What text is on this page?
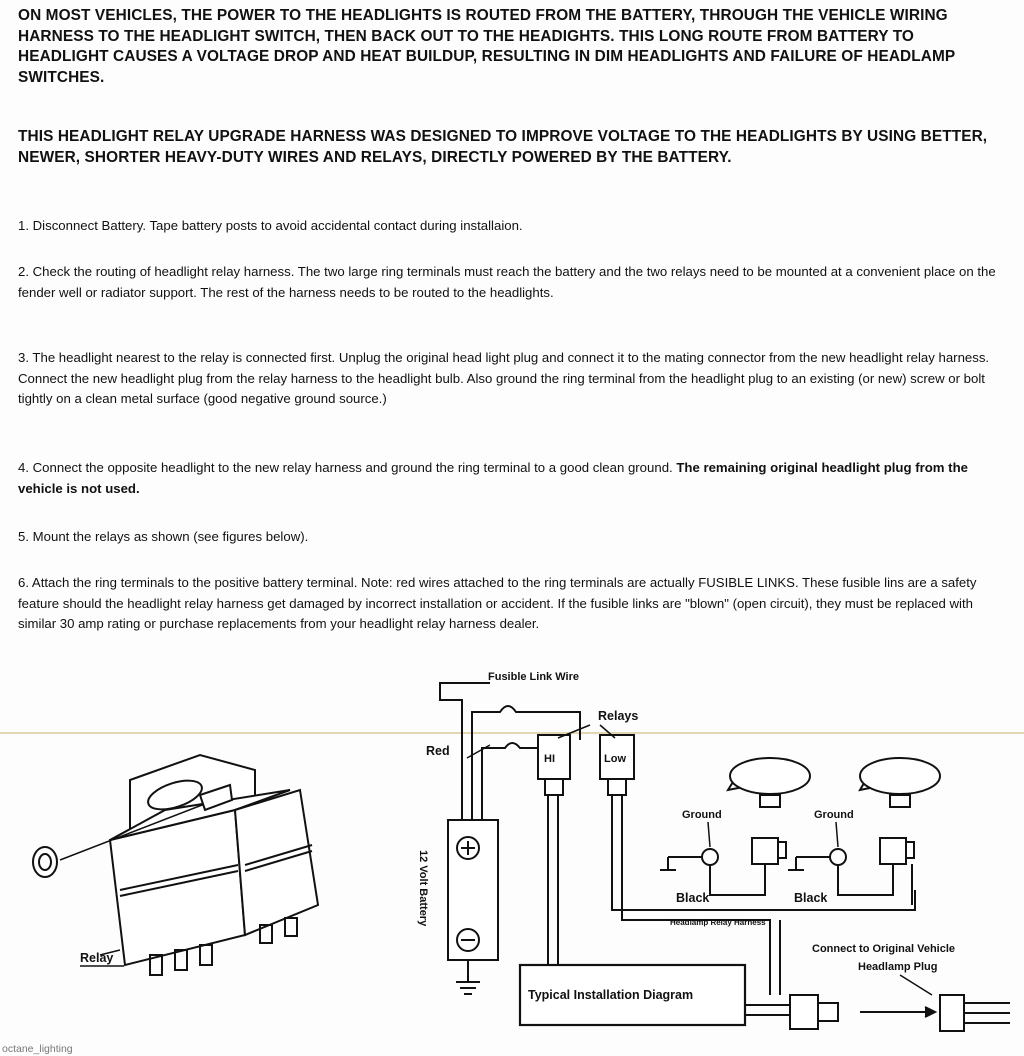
ON MOST VEHICLES, THE POWER TO THE HEADLIGHTS IS ROUTED FROM THE BATTERY, THROUGH THE VEHICLE WIRING HARNESS TO THE HEADLIGHT SWITCH, THEN BACK OUT TO THE HEADIGHTS. THIS LONG ROUTE FROM BATTERY TO HEADLIGHT CAUSES A VOLTAGE DROP AND HEAT BUILDUP, RESULTING IN DIM HEADLIGHTS AND FAILURE OF HEADLAMP SWITCHES.

THIS HEADLIGHT RELAY UPGRADE HARNESS WAS DESIGNED TO IMPROVE VOLTAGE TO THE HEADLIGHTS BY USING BETTER, NEWER, SHORTER HEAVY-DUTY WIRES AND RELAYS, DIRECTLY POWERED BY THE BATTERY.

1. Disconnect Battery. Tape battery posts to avoid accidental contact during installaion.

2. Check the routing of headlight relay harness. The two large ring terminals must reach the battery and the two relays need to be mounted at a convenient place on the fender well or radiator support. The rest of the harness needs to be routed to the headlights.

3. The headlight nearest to the relay is connected first. Unplug the original head light plug and connect it to the mating connector from the new headlight relay harness. Connect the new headlight plug from the relay harness to the headlight bulb. Also ground the ring terminal from the headlight plug to an existing (or new) screw or bolt tightly on a clean metal surface (good negative ground source.)

4. Connect the opposite headlight to the new relay harness and ground the ring terminal to a good clean ground. The remaining original headlight plug from the vehicle is not used.

5. Mount the relays as shown (see figures below).

6. Attach the ring terminals to the positive battery terminal. Note: red wires attached to the ring terminals are actually FUSIBLE LINKS. These fusible lins are a safety feature should the headlight relay harness get damaged by incorrect installation or accident. If the fusible links are "blown" (open circuit), they must be replaced with similar 30 amp rating or purchase replacements from your headlight relay harness dealer.

Relay
Fusible Link Wire
Relays
Red
HI	Low
12 Volt Battery
Ground	Ground
Black	Black
Headlamp Relay Harness
Connect to Original Vehicle
Headlamp Plug
Typical Installation Diagram
octane_lighting
